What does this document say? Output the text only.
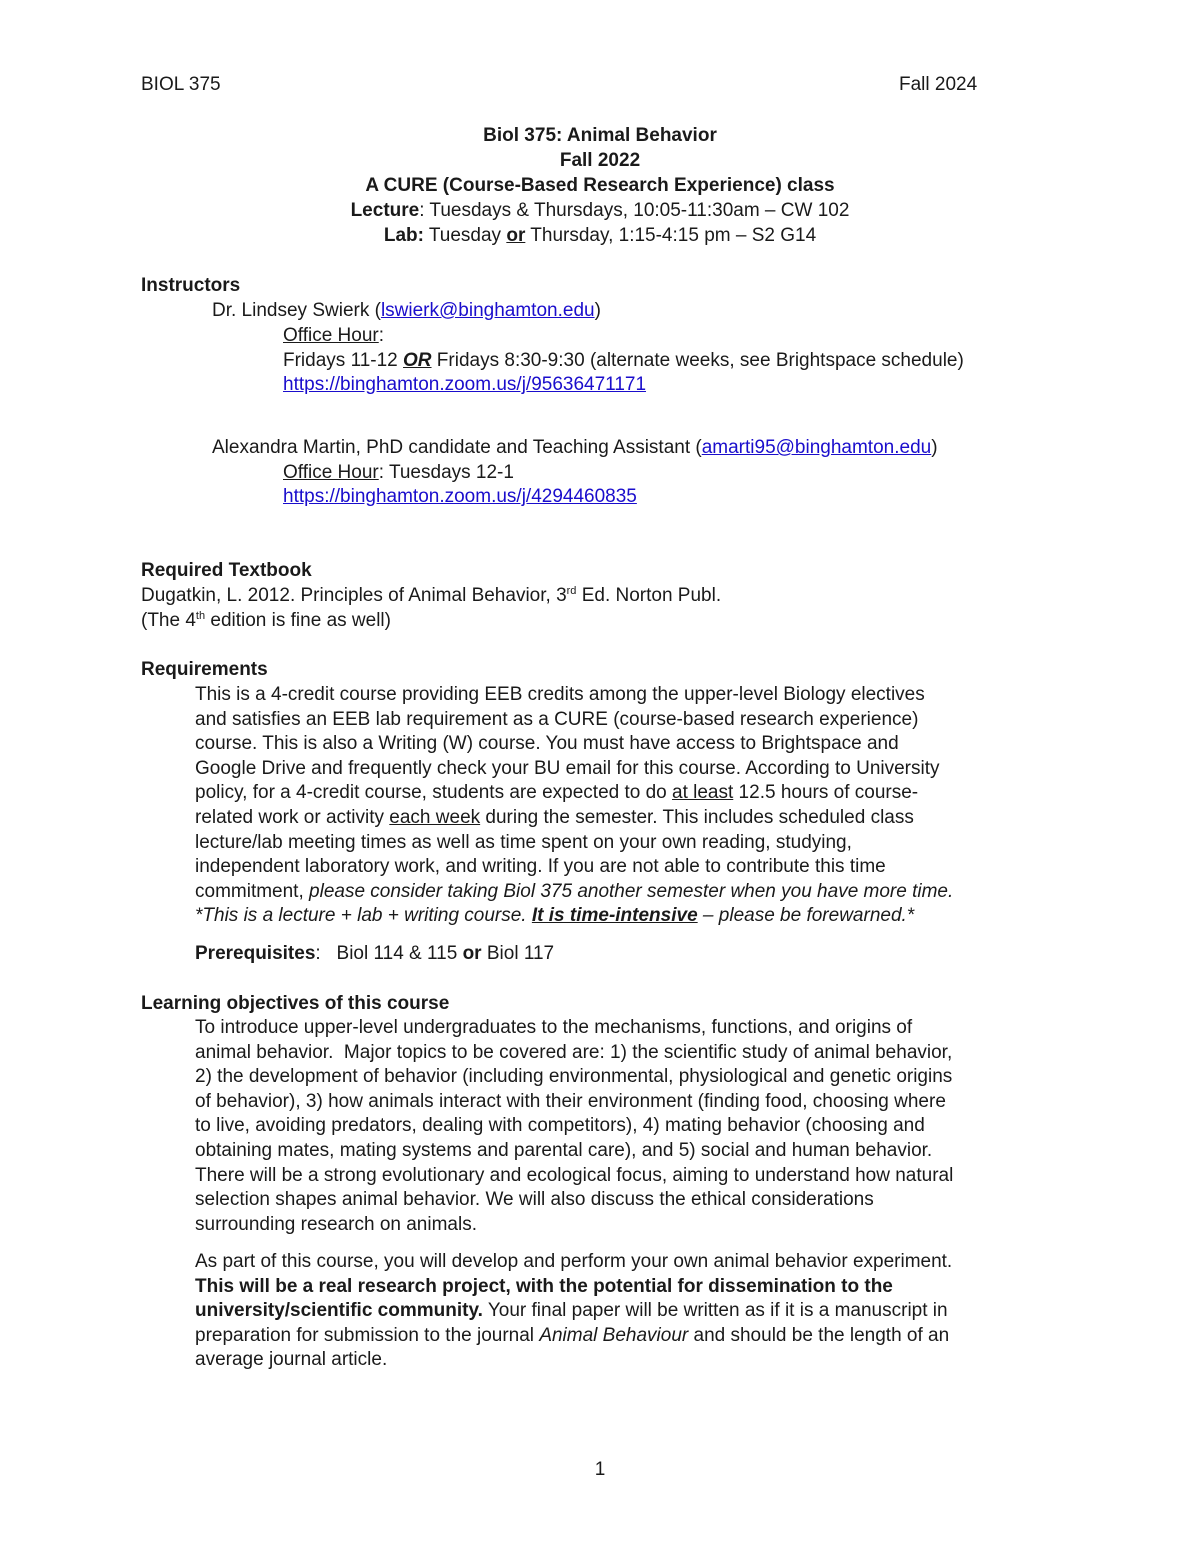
BIOL 375	Fall 2024
Biol 375: Animal Behavior
Fall 2022
A CURE (Course-Based Research Experience) class
Lecture: Tuesdays & Thursdays, 10:05-11:30am – CW 102
Lab: Tuesday or Thursday, 1:15-4:15 pm – S2 G14
Instructors
Dr. Lindsey Swierk (lswierk@binghamton.edu)
Office Hour:
Fridays 11-12 OR Fridays 8:30-9:30 (alternate weeks, see Brightspace schedule)
https://binghamton.zoom.us/j/95636471171
Alexandra Martin, PhD candidate and Teaching Assistant (amarti95@binghamton.edu)
Office Hour: Tuesdays 12-1
https://binghamton.zoom.us/j/4294460835
Required Textbook
Dugatkin, L. 2012. Principles of Animal Behavior, 3rd Ed. Norton Publ.
(The 4th edition is fine as well)
Requirements
This is a 4-credit course providing EEB credits among the upper-level Biology electives
and satisfies an EEB lab requirement as a CURE (course-based research experience)
course. This is also a Writing (W) course. You must have access to Brightspace and
Google Drive and frequently check your BU email for this course. According to University
policy, for a 4-credit course, students are expected to do at least 12.5 hours of course-
related work or activity each week during the semester. This includes scheduled class
lecture/lab meeting times as well as time spent on your own reading, studying,
independent laboratory work, and writing. If you are not able to contribute this time
commitment, please consider taking Biol 375 another semester when you have more time.
*This is a lecture + lab + writing course. It is time-intensive – please be forewarned.*
Prerequisites:   Biol 114 & 115 or Biol 117
Learning objectives of this course
To introduce upper-level undergraduates to the mechanisms, functions, and origins of
animal behavior.  Major topics to be covered are: 1) the scientific study of animal behavior,
2) the development of behavior (including environmental, physiological and genetic origins
of behavior), 3) how animals interact with their environment (finding food, choosing where
to live, avoiding predators, dealing with competitors), 4) mating behavior (choosing and
obtaining mates, mating systems and parental care), and 5) social and human behavior.
There will be a strong evolutionary and ecological focus, aiming to understand how natural
selection shapes animal behavior. We will also discuss the ethical considerations
surrounding research on animals.
As part of this course, you will develop and perform your own animal behavior experiment.
This will be a real research project, with the potential for dissemination to the
university/scientific community. Your final paper will be written as if it is a manuscript in
preparation for submission to the journal Animal Behaviour and should be the length of an
average journal article.
1
